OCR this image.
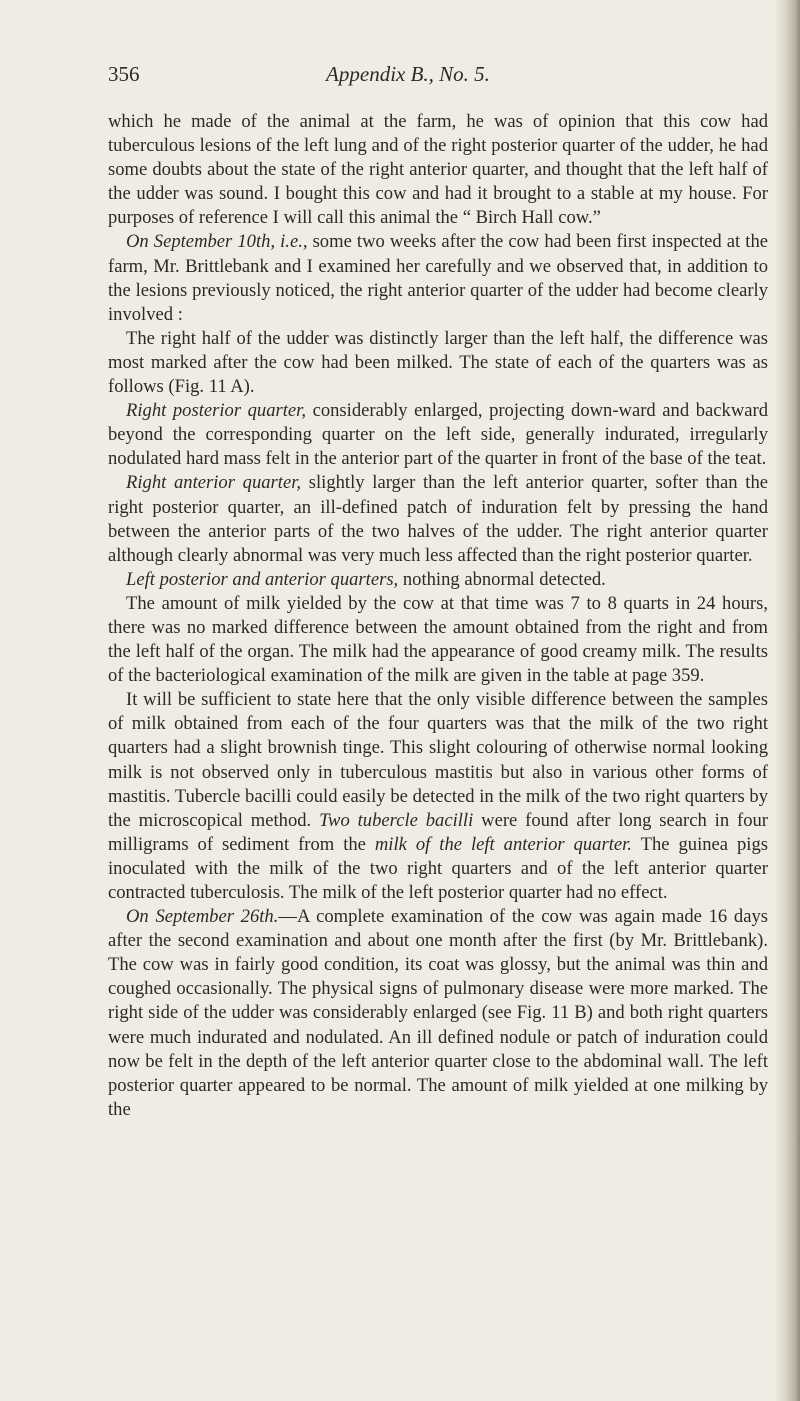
356	Appendix B., No. 5.

which he made of the animal at the farm, he was of opinion that this cow had tuberculous lesions of the left lung and of the right posterior quarter of the udder, he had some doubts about the state of the right anterior quarter, and thought that the left half of the udder was sound. I bought this cow and had it brought to a stable at my house. For purposes of reference I will call this animal the “ Birch Hall cow.”

On September 10th, i.e., some two weeks after the cow had been first inspected at the farm, Mr. Brittlebank and I examined her carefully and we observed that, in addition to the lesions previously noticed, the right anterior quarter of the udder had become clearly involved :

The right half of the udder was distinctly larger than the left half, the difference was most marked after the cow had been milked. The state of each of the quarters was as follows (Fig. 11 A).

Right posterior quarter, considerably enlarged, projecting down-ward and backward beyond the corresponding quarter on the left side, generally indurated, irregularly nodulated hard mass felt in the anterior part of the quarter in front of the base of the teat.

Right anterior quarter, slightly larger than the left anterior quarter, softer than the right posterior quarter, an ill-defined patch of induration felt by pressing the hand between the anterior parts of the two halves of the udder. The right anterior quarter although clearly abnormal was very much less affected than the right posterior quarter.

Left posterior and anterior quarters, nothing abnormal detected.

The amount of milk yielded by the cow at that time was 7 to 8 quarts in 24 hours, there was no marked difference between the amount obtained from the right and from the left half of the organ. The milk had the appearance of good creamy milk. The results of the bacteriological examination of the milk are given in the table at page 359.

It will be sufficient to state here that the only visible difference between the samples of milk obtained from each of the four quarters was that the milk of the two right quarters had a slight brownish tinge. This slight colouring of otherwise normal looking milk is not observed only in tuberculous mastitis but also in various other forms of mastitis. Tubercle bacilli could easily be detected in the milk of the two right quarters by the microscopical method. Two tubercle bacilli were found after long search in four milligrams of sediment from the milk of the left anterior quarter. The guinea pigs inoculated with the milk of the two right quarters and of the left anterior quarter contracted tuberculosis. The milk of the left posterior quarter had no effect.

On September 26th.—A complete examination of the cow was again made 16 days after the second examination and about one month after the first (by Mr. Brittlebank). The cow was in fairly good condition, its coat was glossy, but the animal was thin and coughed occasionally. The physical signs of pulmonary disease were more marked. The right side of the udder was considerably enlarged (see Fig. 11 B) and both right quarters were much indurated and nodulated. An ill defined nodule or patch of induration could now be felt in the depth of the left anterior quarter close to the abdominal wall. The left posterior quarter appeared to be normal. The amount of milk yielded at one milking by the
